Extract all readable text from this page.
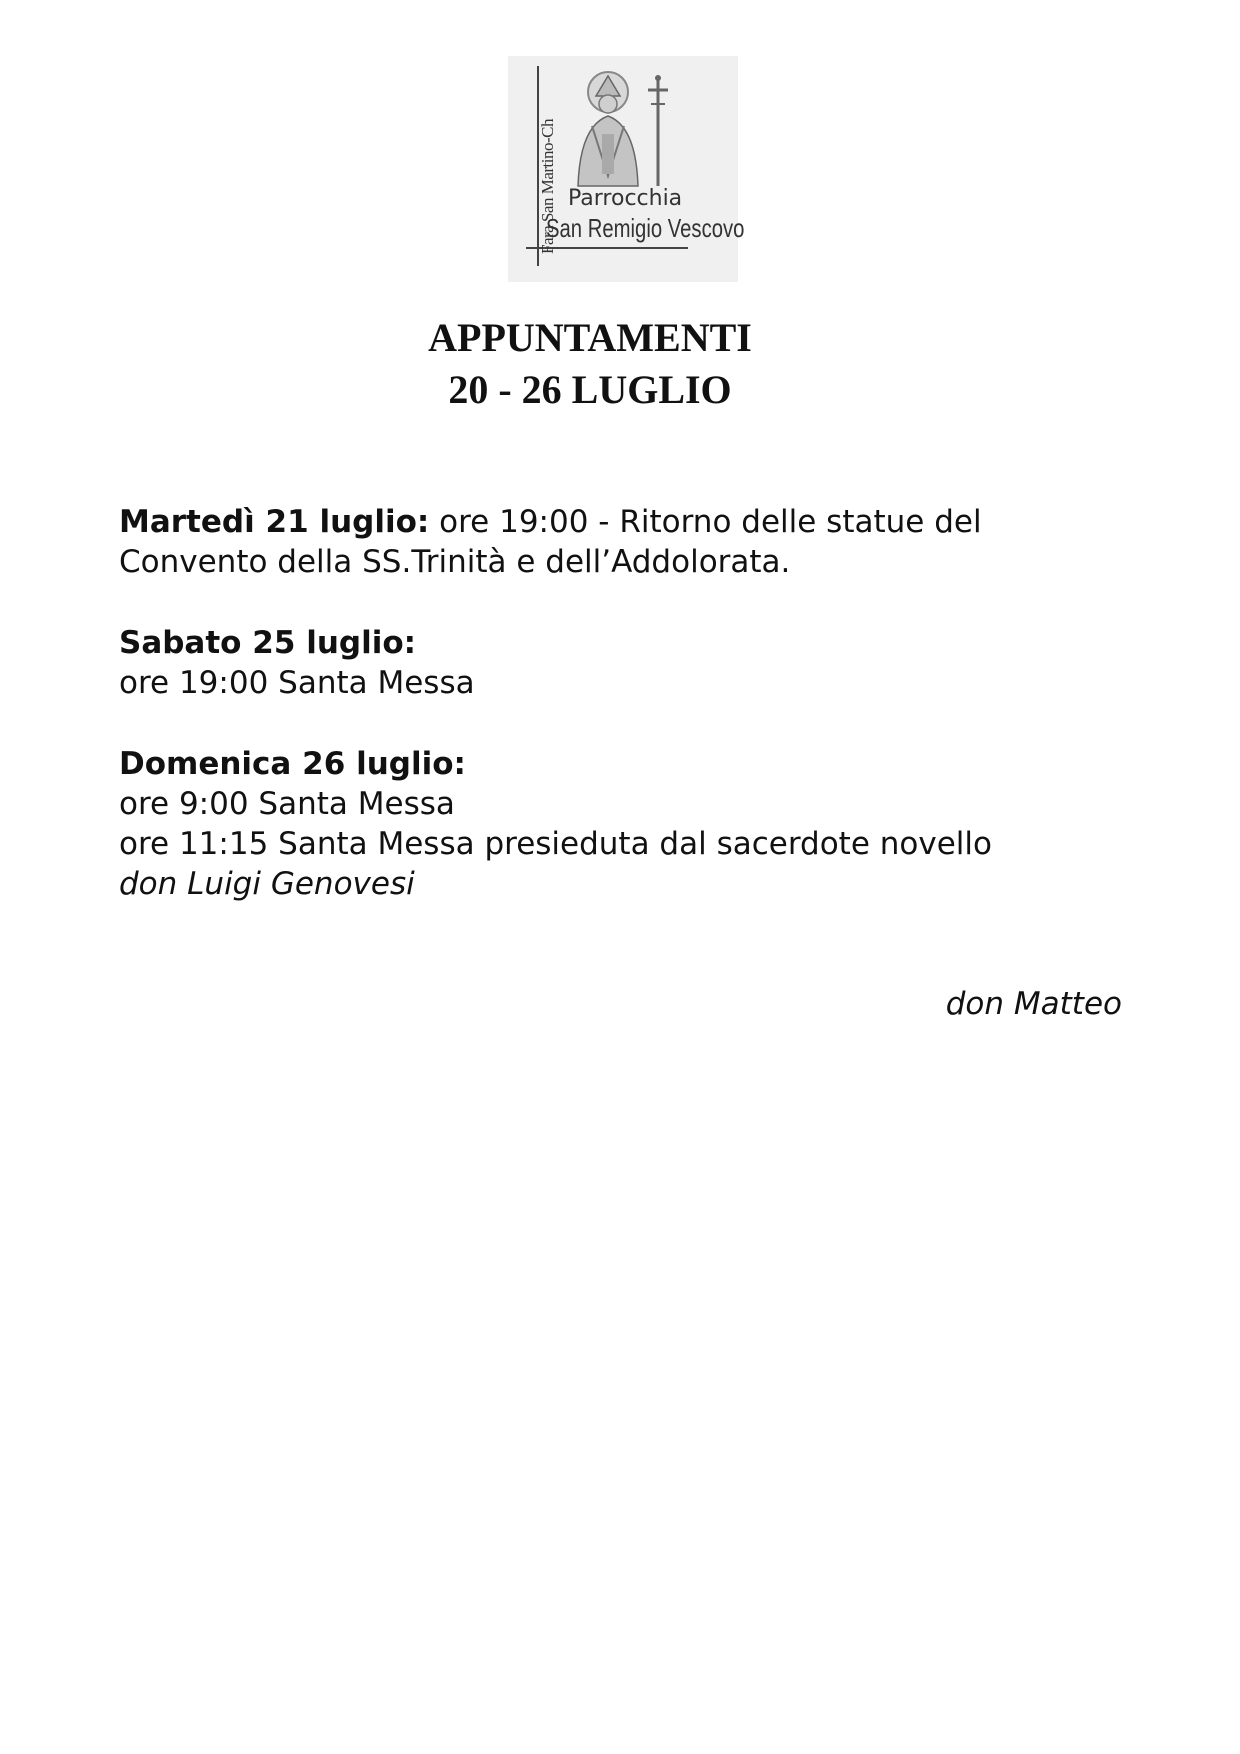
Fara San Martino-Ch Parrocchia
San Remigio Vescovo
APPUNTAMENTI
20 - 26 LUGLIO
Martedì 21 luglio: ore 19:00 - Ritorno delle statue del
Convento della SS.Trinità e dell’Addolorata.
Sabato 25 luglio:
ore 19:00 Santa Messa
Domenica 26 luglio:
ore 9:00 Santa Messa
ore 11:15 Santa Messa presieduta dal sacerdote novello
don Luigi Genovesi
don Matteo
